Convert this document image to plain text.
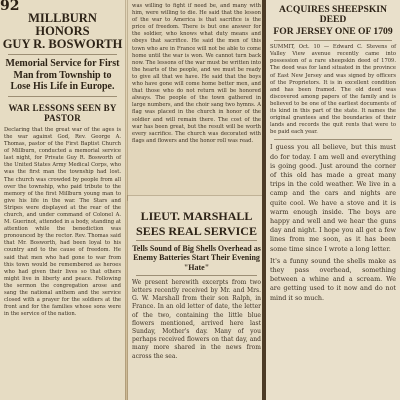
92
MILLBURN HONORS
GUY R. BOSWORTH

Memorial Service for First Man from Township to Lose His Life in Europe.

WAR LESSONS SEEN BY PASTOR

Declaring that the great war of the ages is the war against God, Rev. George A. Thomas, pastor of the First Baptist Church of Millburn, conducted a memorial service last night, for Private Guy R. Bosworth of the United States Army Medical Corps, who was the first man the township had lost. The church was crowded by people from all over the township, who paid tribute to the memory of the first Millburn young man to give his life in the war. The Stars and Stripes were displayed at the rear of the church, and under command of Colonel A. M. Guerinot, attended in a body, standing at attention while the benediction was pronounced by the rector. Rev. Thomas said that Mr. Bosworth, had been loyal to his country and to the cause of freedom. He said that men who had gone to war from this town would be remembered as heroes who had given their lives so that others might live in liberty and peace. Following the sermon the congregation arose and sang the national anthem and the service closed with a prayer for the soldiers at the front and for the families whose sons were in the service of the nation.

was willing to fight if need be, and many with him, were willing to die. He said that the lesson of the war to America is that sacrifice is the price of freedom. There is but one answer for the soldier, who knows what duty means and obeys that sacrifice. He said the men of this town who are in France will not be able to come home until the war is won. We cannot turn back now. The lessons of the war must be written into the hearts of the people, and we must be ready to give all that we have. He said that the boys who have gone will come home better men, and that those who do not return will be honored always. The people of the town gathered in large numbers, and the choir sang two hymns. A flag was placed in the church in honor of the soldier and will remain there. The cost of the war has been great, but the result will be worth every sacrifice. The church was decorated with flags and flowers and the honor roll was read.

LIEUT. MARSHALL
SEES REAL SERVICE

Tells Sound of Big Shells Overhead as Enemy Batteries Start Their Evening "Hate"

We present herewith excerpts from two letters recently received by Mr. and Mrs. G. W. Marshall from their son Ralph, in France. In an old letter of date, the letter of the two, containing the little blue flowers mentioned, arrived here last Sunday, Mother's day. Many of you perhaps received flowers on that day, and many more shared in the news from across the sea.

ACQUIRES SHEEPSKIN DEED
FOR JERSEY ONE OF 1709

SUMMIT, Oct. 10 — Edward C. Stevens of Valley View avenue recently came into possession of a rare sheepskin deed of 1709. The deed was for land situated in the province of East New Jersey and was signed by officers of the Proprietors. It is in excellent condition and has been framed. The old deed was discovered among papers of the family and is believed to be one of the earliest documents of its kind in this part of the state. It names the original grantees and the boundaries of their lands and records the quit rents that were to be paid each year.

I guess you all believe, but this must do for today. I am well and everything is going good. Just around the corner of this old has made a great many trips in the cold weather. We live in a camp and the cars and nights are quite cool. We have a stove and it is warm enough inside. The boys are happy and well and we hear the guns day and night. I hope you all get a few lines from me soon, as it has been some time since I wrote a long letter.

It's a funny sound the shells make as they pass overhead, something between a whine and a scream. We are getting used to it now and do not mind it so much.
